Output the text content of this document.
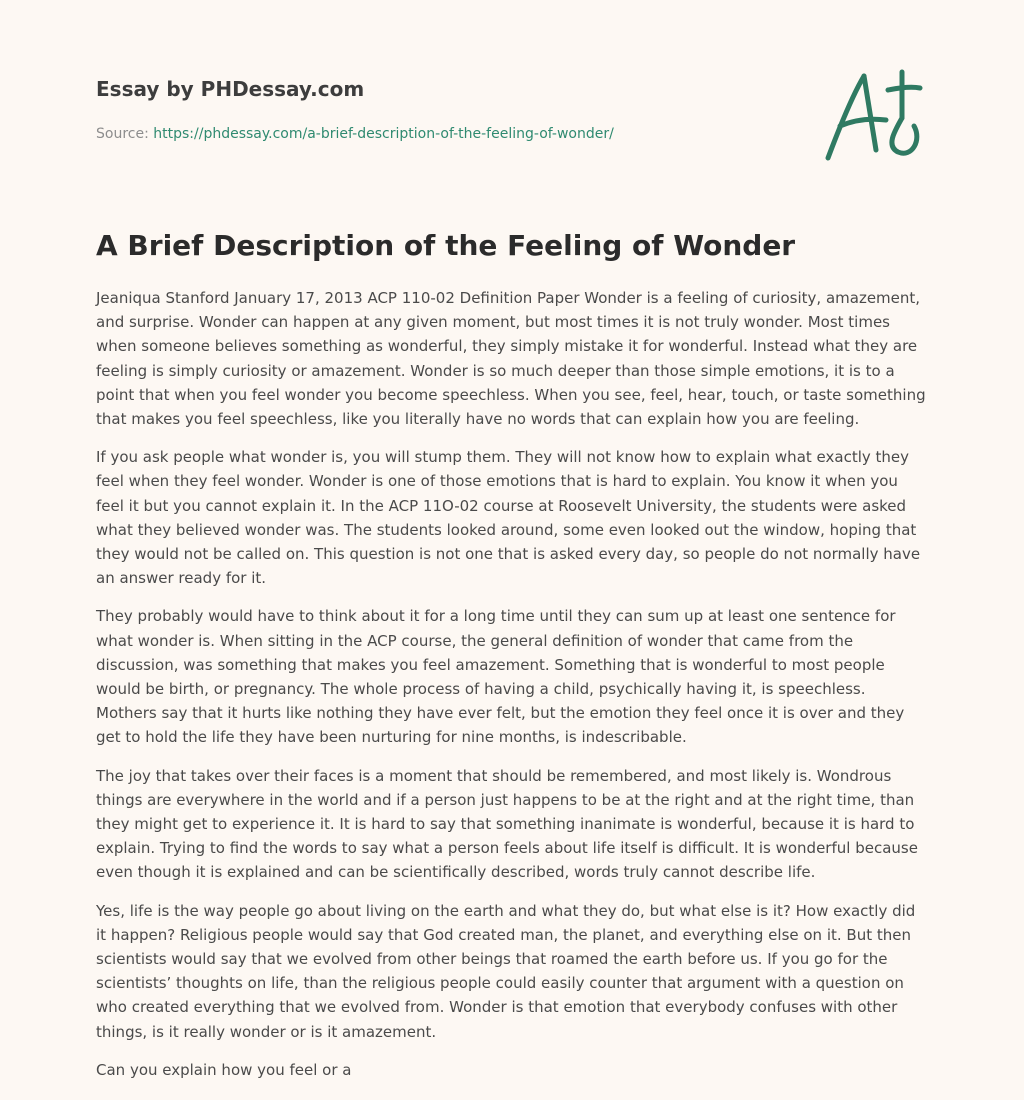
Essay by PHDessay.com
Source: https://phdessay.com/a-brief-description-of-the-feeling-of-wonder/
A Brief Description of the Feeling of Wonder

Jeaniqua Stanford January 17, 2013 ACP 110-02 Definition Paper Wonder is a feeling of curiosity, amazement, and surprise. Wonder can happen at any given moment, but most times it is not truly wonder. Most times when someone believes something as wonderful, they simply mistake it for wonderful. Instead what they are feeling is simply curiosity or amazement. Wonder is so much deeper than those simple emotions, it is to a point that when you feel wonder you become speechless. When you see, feel, hear, touch, or taste something that makes you feel speechless, like you literally have no words that can explain how you are feeling.

If you ask people what wonder is, you will stump them. They will not know how to explain what exactly they feel when they feel wonder. Wonder is one of those emotions that is hard to explain. You know it when you feel it but you cannot explain it. In the ACP 11O-02 course at Roosevelt University, the students were asked what they believed wonder was. The students looked around, some even looked out the window, hoping that they would not be called on. This question is not one that is asked every day, so people do not normally have an answer ready for it.

They probably would have to think about it for a long time until they can sum up at least one sentence for what wonder is. When sitting in the ACP course, the general definition of wonder that came from the discussion, was something that makes you feel amazement. Something that is wonderful to most people would be birth, or pregnancy. The whole process of having a child, psychically having it, is speechless. Mothers say that it hurts like nothing they have ever felt, but the emotion they feel once it is over and they get to hold the life they have been nurturing for nine months, is indescribable.

The joy that takes over their faces is a moment that should be remembered, and most likely is. Wondrous things are everywhere in the world and if a person just happens to be at the right and at the right time, than they might get to experience it. It is hard to say that something inanimate is wonderful, because it is hard to explain. Trying to find the words to say what a person feels about life itself is difficult. It is wonderful because even though it is explained and can be scientifically described, words truly cannot describe life.

Yes, life is the way people go about living on the earth and what they do, but what else is it? How exactly did it happen? Religious people would say that God created man, the planet, and everything else on it. But then scientists would say that we evolved from other beings that roamed the earth before us. If you go for the scientists’ thoughts on life, than the religious people could easily counter that argument with a question on who created everything that we evolved from. Wonder is that emotion that everybody confuses with other things, is it really wonder or is it amazement.

Can you explain how you feel or a
